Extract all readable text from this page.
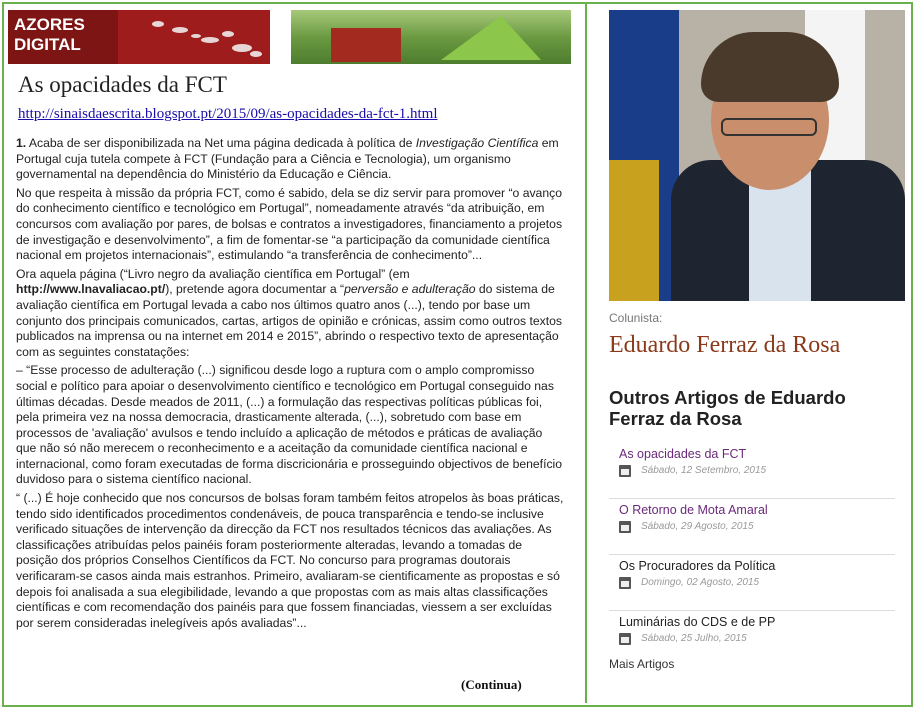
AZORES
DIGITAL
As opacidades da FCT
http://sinaisdaescrita.blogspot.pt/2015/09/as-opacidades-da-fct-1.html

1. Acaba de ser disponibilizada na Net uma página dedicada à política de Investigação Científica em Portugal cuja tutela compete à FCT (Fundação para a Ciência e Tecnologia), um organismo governamental na dependência do Ministério da Educação e Ciência.

No que respeita à missão da própria FCT, como é sabido, dela se diz servir para promover “o avanço do conhecimento científico e tecnológico em Portugal”, nomeadamente através “da atribuição, em concursos com avaliação por pares, de bolsas e contratos a investigadores, financiamento a projetos de investigação e desenvolvimento”, a fim de fomentar-se “a participação da comunidade científica nacional em projetos internacionais”, estimulando “a transferência de conhecimento”...

Ora aquela página (“Livro negro da avaliação científica em Portugal” (em http://www.lnavaliacao.pt/), pretende agora documentar a “perversão e adulteração do sistema de avaliação científica em Portugal levada a cabo nos últimos quatro anos (...), tendo por base um conjunto dos principais comunicados, cartas, artigos de opinião e crónicas, assim como outros textos publicados na imprensa ou na internet em 2014 e 2015”, abrindo o respectivo texto de apresentação com as seguintes constatações:

– “Esse processo de adulteração (...) significou desde logo a ruptura com o amplo compromisso social e político para apoiar o desenvolvimento científico e tecnológico em Portugal conseguido nas últimas décadas. Desde meados de 2011, (...) a formulação das respectivas políticas públicas foi, pela primeira vez na nossa democracia, drasticamente alterada, (...), sobretudo com base em processos de 'avaliação' avulsos e tendo incluído a aplicação de métodos e práticas de avaliação que não só não merecem o reconhecimento e a aceitação da comunidade científica nacional e internacional, como foram executadas de forma discricionária e prosseguindo objectivos de benefício duvidoso para o sistema científico nacional.

“ (...) É hoje conhecido que nos concursos de bolsas foram também feitos atropelos às boas práticas, tendo sido identificados procedimentos condenáveis, de pouca transparência e tendo-se inclusive verificado situações de intervenção da direcção da FCT nos resultados técnicos das avaliações. As classificações atribuídas pelos painéis foram posteriormente alteradas, levando a tomadas de posição dos próprios Conselhos Científicos da FCT. No concurso para programas doutorais verificaram-se casos ainda mais estranhos. Primeiro, avaliaram-se cientificamente as propostas e só depois foi analisada a sua elegibilidade, levando a que propostas com as mais altas classificações científicas e com recomendação dos painéis para que fossem financiadas, viessem a ser excluídas por serem consideradas inelegíveis após avaliadas”...

(Continua)
Colunista:
Eduardo Ferraz da Rosa
Outros Artigos de Eduardo Ferraz da Rosa
As opacidades da FCT
Sábado, 12 Setembro, 2015
O Retorno de Mota Amaral
Sábado, 29 Agosto, 2015
Os Procuradores da Política
Domingo, 02 Agosto, 2015
Luminárias do CDS e de PP
Sábado, 25 Julho, 2015
Mais Artigos
